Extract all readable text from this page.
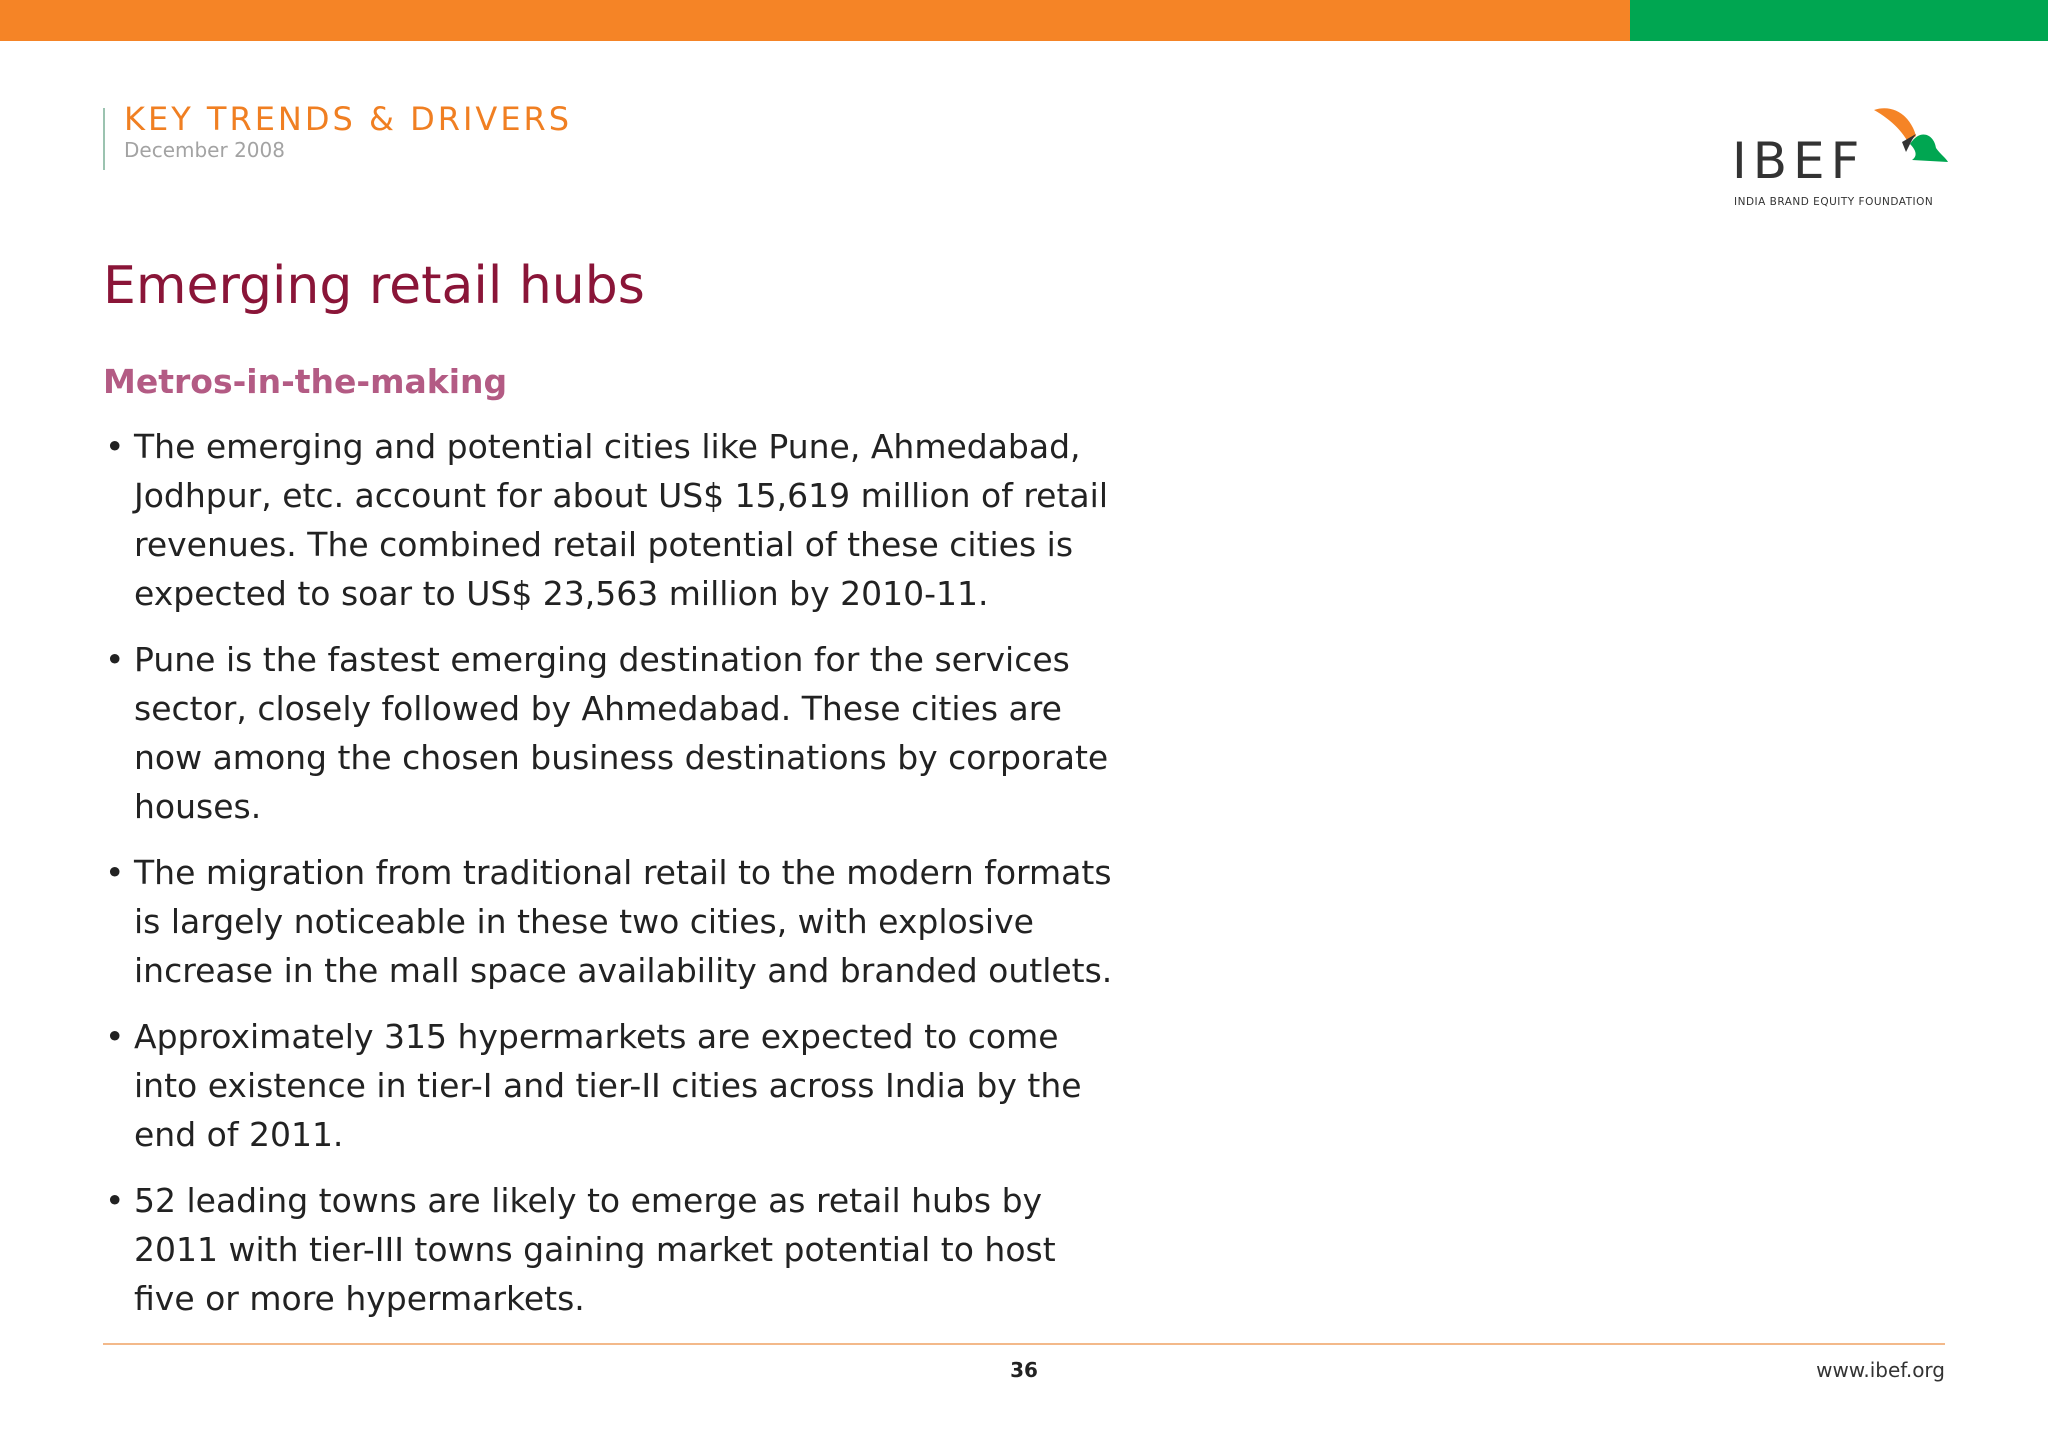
KEY TRENDS & DRIVERS
December 2008	IBEF
INDIA BRAND EQUITY FOUNDATION
Emerging retail hubs
Metros-in-the-making
• The emerging and potential cities like Pune, Ahmedabad, Jodhpur, etc. account for about US$ 15,619 million of retail revenues. The combined retail potential of these cities is expected to soar to US$ 23,563 million by 2010-11.
• Pune is the fastest emerging destination for the services sector, closely followed by Ahmedabad. These cities are now among the chosen business destinations by corporate houses.
• The migration from traditional retail to the modern formats is largely noticeable in these two cities, with explosive increase in the mall space availability and branded outlets.
• Approximately 315 hypermarkets are expected to come into existence in tier-I and tier-II cities across India by the end of 2011.
• 52 leading towns are likely to emerge as retail hubs by 2011 with tier-III towns gaining market potential to host five or more hypermarkets.
36	www.ibef.org
